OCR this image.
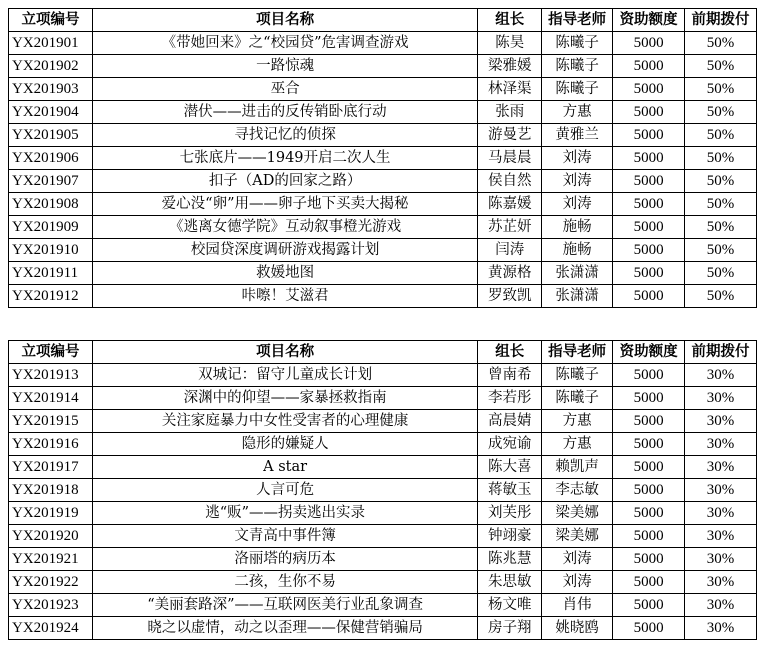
立项编号	项目名称	组长	指导老师	资助额度	前期拨付
YX201901	《带她回来》之“校园贷”危害调查游戏	陈昊	陈曦子	5000	50%
YX201902	一路惊魂	梁雅媛	陈曦子	5000	50%
YX201903	巫合	林泽渠	陈曦子	5000	50%
YX201904	潜伏——进击的反传销卧底行动	张雨	方惠	5000	50%
YX201905	寻找记忆的侦探	游曼艺	黄雅兰	5000	50%
YX201906	七张底片——1949开启二次人生	马晨晨	刘涛	5000	50%
YX201907	扣子（AD的回家之路）	侯自然	刘涛	5000	50%
YX201908	爱心没“卵”用——卵子地下买卖大揭秘	陈嘉媛	刘涛	5000	50%
YX201909	《逃离女德学院》互动叙事橙光游戏	苏芷妍	施畅	5000	50%
YX201910	校园贷深度调研游戏揭露计划	闫涛	施畅	5000	50%
YX201911	救媛地图	黄源格	张潇潇	5000	50%
YX201912	咔嚓！艾滋君	罗致凯	张潇潇	5000	50%
立项编号	项目名称	组长	指导老师	资助额度	前期拨付
YX201913	双城记：留守儿童成长计划	曾南希	陈曦子	5000	30%
YX201914	深渊中的仰望——家暴拯救指南	李若彤	陈曦子	5000	30%
YX201915	关注家庭暴力中女性受害者的心理健康	高晨婧	方惠	5000	30%
YX201916	隐形的嫌疑人	成宛谕	方惠	5000	30%
YX201917	A star	陈大喜	赖凯声	5000	30%
YX201918	人言可危	蒋敏玉	李志敏	5000	30%
YX201919	逃“贩”——拐卖逃出实录	刘芙彤	梁美娜	5000	30%
YX201920	文青高中事件簿	钟翊豪	梁美娜	5000	30%
YX201921	洛丽塔的病历本	陈兆慧	刘涛	5000	30%
YX201922	二孩，生你不易	朱思敏	刘涛	5000	30%
YX201923	“美丽套路深”——互联网医美行业乱象调查	杨文唯	肖伟	5000	30%
YX201924	晓之以虚情，动之以歪理——保健营销骗局	房子翔	姚晓鸥	5000	30%
